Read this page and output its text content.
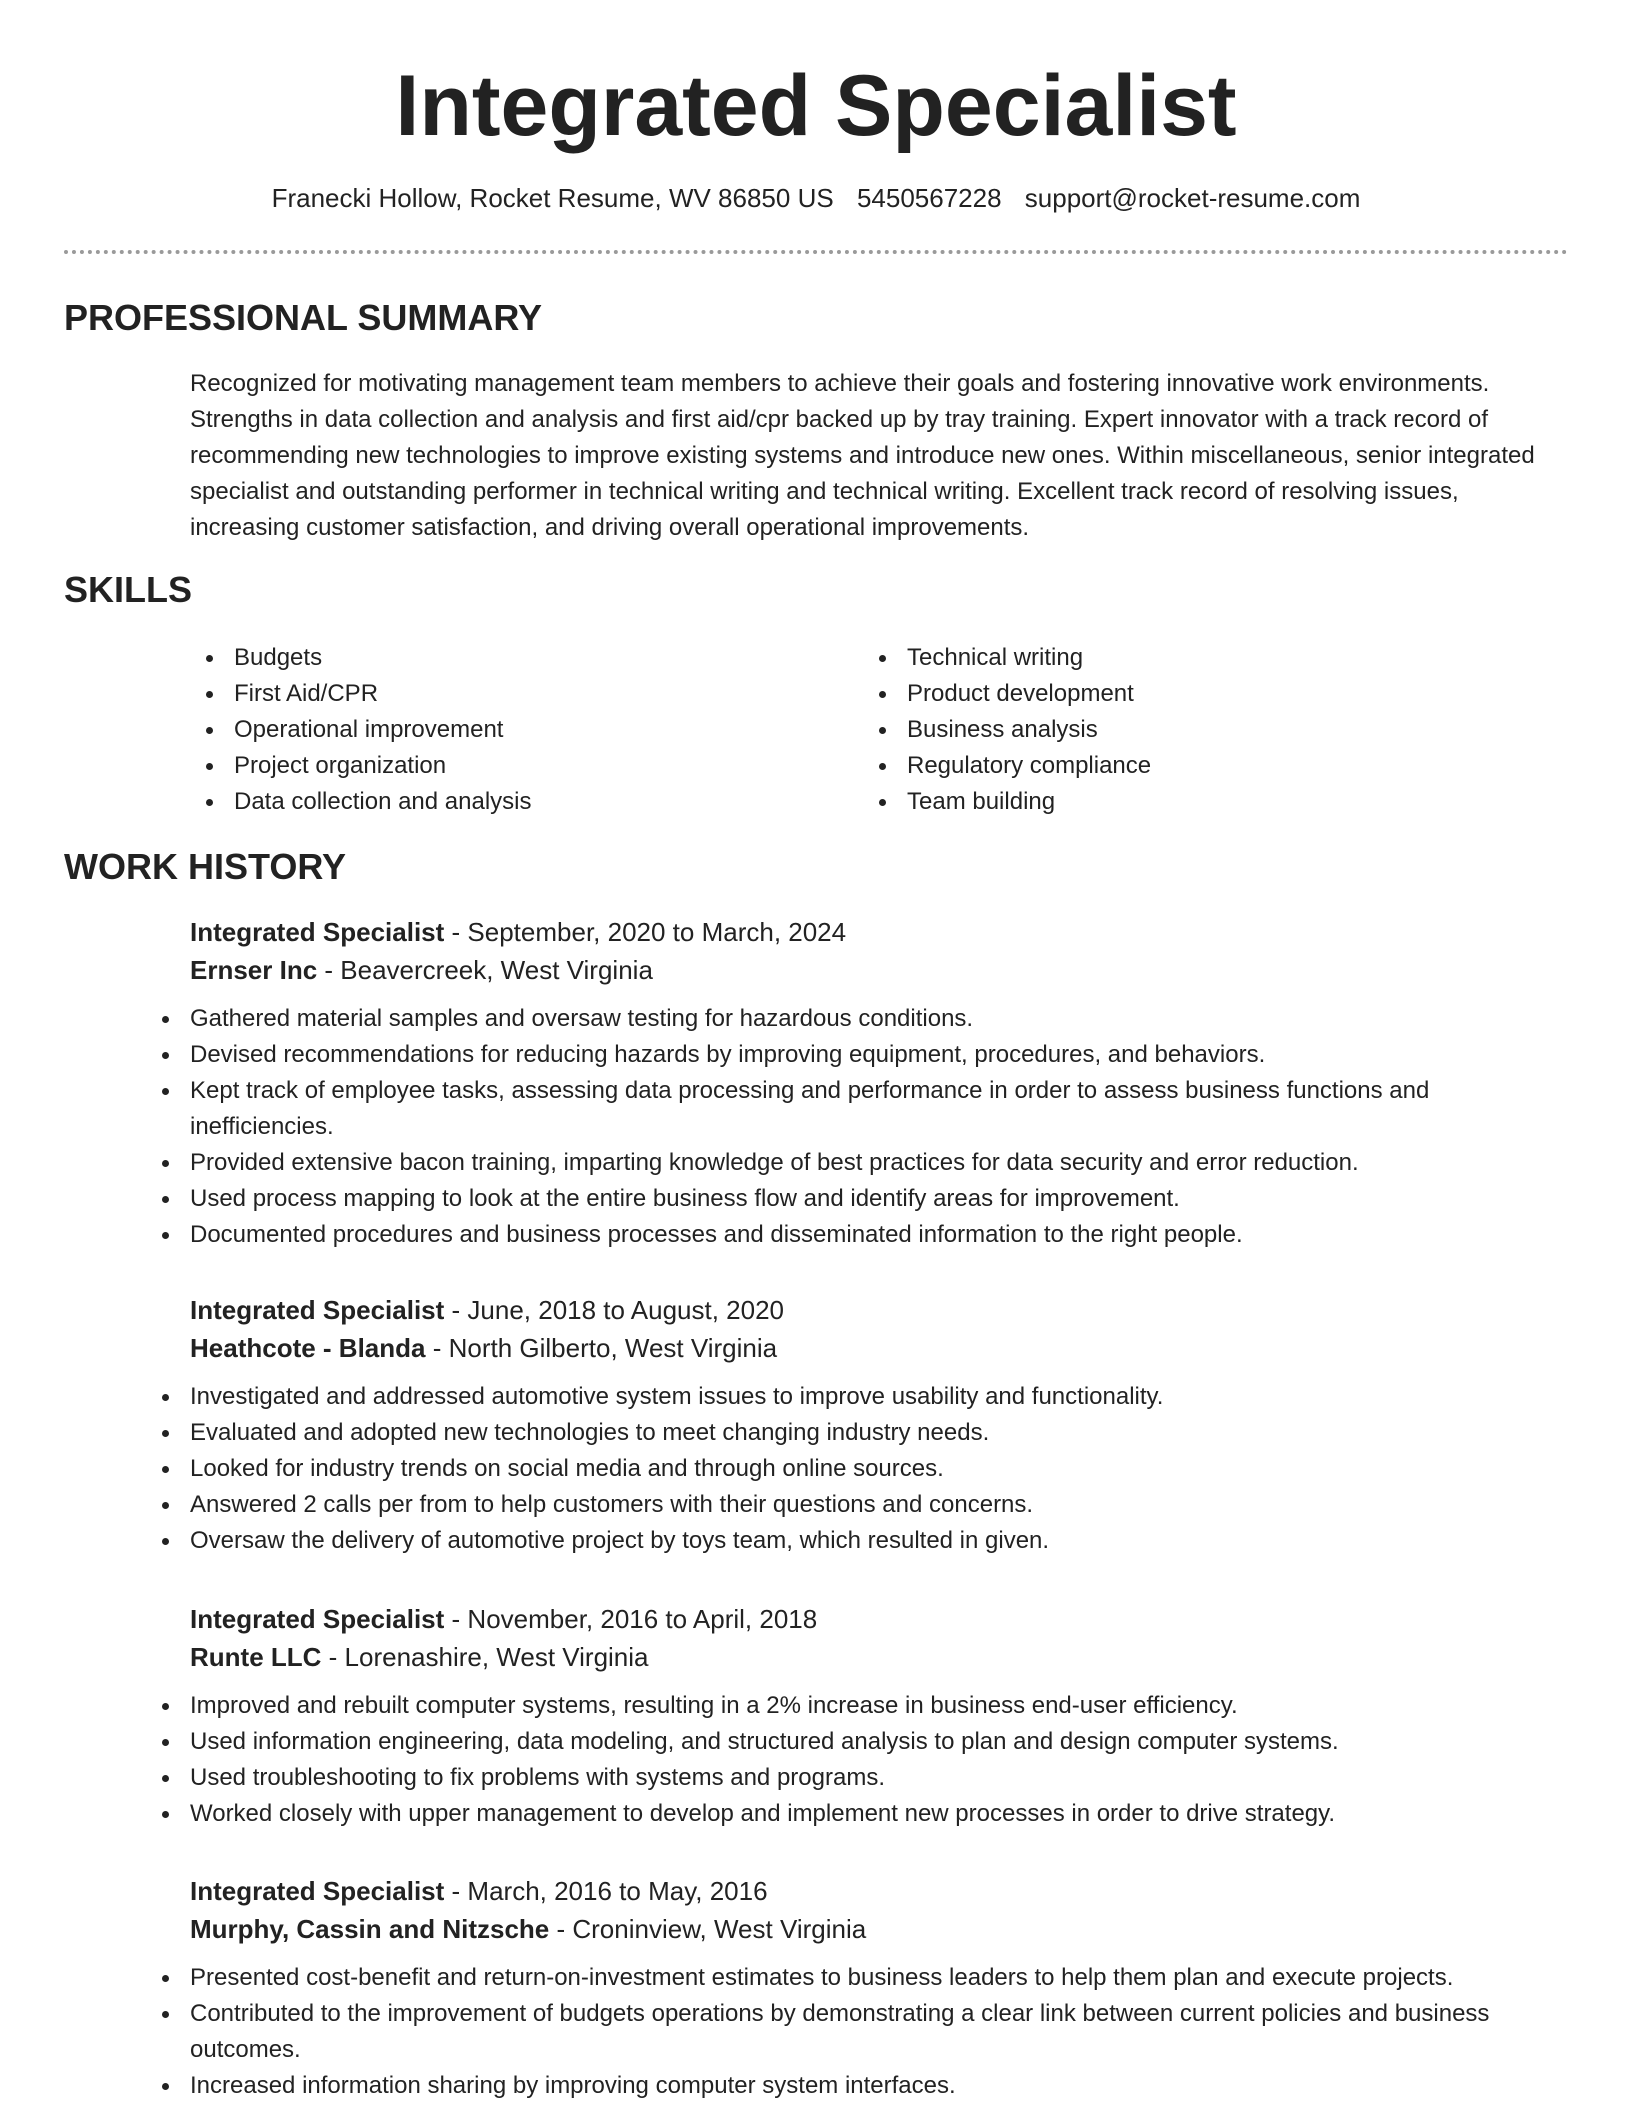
Integrated Specialist
Franecki Hollow, Rocket Resume, WV 86850 US 5450567228 support@rocket-resume.com
PROFESSIONAL SUMMARY

Recognized for motivating management team members to achieve their goals and fostering innovative work environments. Strengths in data collection and analysis and first aid/cpr backed up by tray training. Expert innovator with a track record of recommending new technologies to improve existing systems and introduce new ones. Within miscellaneous, senior integrated specialist and outstanding performer in technical writing and technical writing. Excellent track record of resolving issues, increasing customer satisfaction, and driving overall operational improvements.

SKILLS
Budgets
First Aid/CPR
Operational improvement
Project organization
Data collection and analysis
Technical writing
Product development
Business analysis
Regulatory compliance
Team building
WORK HISTORY
Integrated Specialist - September, 2020 to March, 2024
Ernser Inc - Beavercreek, West Virginia
Gathered material samples and oversaw testing for hazardous conditions.
Devised recommendations for reducing hazards by improving equipment, procedures, and behaviors.
Kept track of employee tasks, assessing data processing and performance in order to assess business functions and inefficiencies.
Provided extensive bacon training, imparting knowledge of best practices for data security and error reduction.
Used process mapping to look at the entire business flow and identify areas for improvement.
Documented procedures and business processes and disseminated information to the right people.
Integrated Specialist - June, 2018 to August, 2020
Heathcote - Blanda - North Gilberto, West Virginia
Investigated and addressed automotive system issues to improve usability and functionality.
Evaluated and adopted new technologies to meet changing industry needs.
Looked for industry trends on social media and through online sources.
Answered 2 calls per from to help customers with their questions and concerns.
Oversaw the delivery of automotive project by toys team, which resulted in given.
Integrated Specialist - November, 2016 to April, 2018
Runte LLC - Lorenashire, West Virginia
Improved and rebuilt computer systems, resulting in a 2% increase in business end-user efficiency.
Used information engineering, data modeling, and structured analysis to plan and design computer systems.
Used troubleshooting to fix problems with systems and programs.
Worked closely with upper management to develop and implement new processes in order to drive strategy.
Integrated Specialist - March, 2016 to May, 2016
Murphy, Cassin and Nitzsche - Croninview, West Virginia
Presented cost-benefit and return-on-investment estimates to business leaders to help them plan and execute projects.
Contributed to the improvement of budgets operations by demonstrating a clear link between current policies and business outcomes.
Increased information sharing by improving computer system interfaces.
